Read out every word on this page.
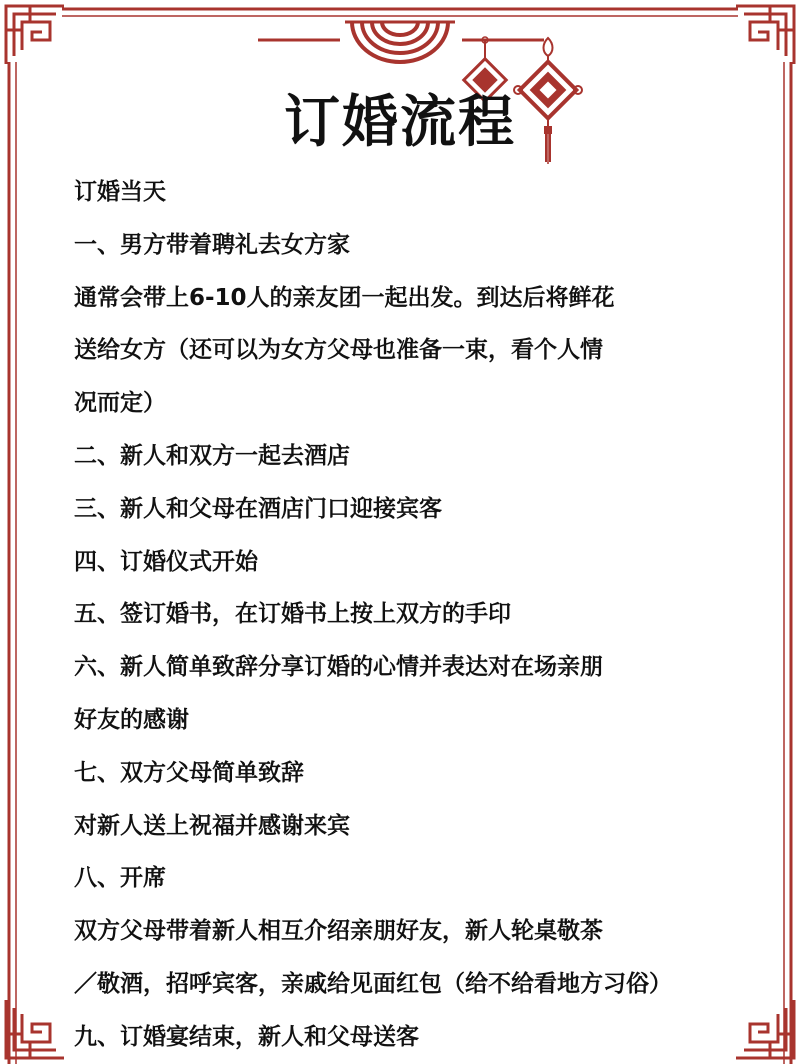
订婚流程
订婚当天
一、男方带着聘礼去女方家
通常会带上6-10人的亲友团一起出发。到达后将鲜花
送给女方（还可以为女方父母也准备一束，看个人情
况而定）
二、新人和双方一起去酒店
三、新人和父母在酒店门口迎接宾客
四、订婚仪式开始
五、签订婚书，在订婚书上按上双方的手印
六、新人简单致辞分享订婚的心情并表达对在场亲朋
好友的感谢
七、双方父母简单致辞
对新人送上祝福并感谢来宾
八、开席
双方父母带着新人相互介绍亲朋好友，新人轮桌敬茶
／敬酒，招呼宾客，亲戚给见面红包（给不给看地方习俗）
九、订婚宴结束，新人和父母送客
